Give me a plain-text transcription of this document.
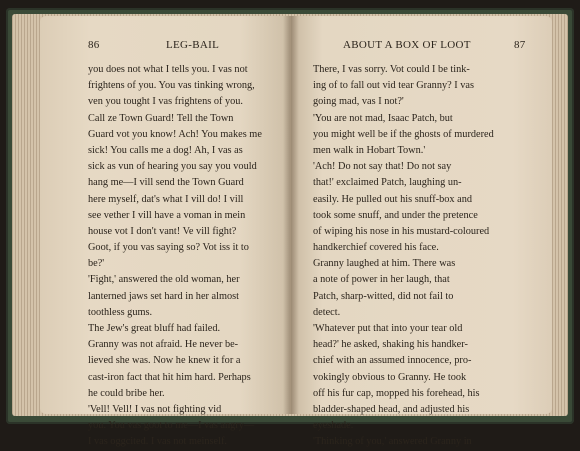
86	LEG-BAIL	ABOUT A BOX OF LOOT	87
you does not what I tells you. I vas not
frightens of you. You vas tinking wrong,
ven you tought I vas frightens of you.
Call ze Town Guard! Tell the Town
Guard vot you know! Ach! You makes me
sick! You calls me a dog! Ah, I vas as
sick as vun of hearing you say you vould
hang me—I vill send the Town Guard
here myself, dat's what I vill do! I vill
see vether I vill have a voman in mein
house vot I don't vant! Ve vill fight?
Goot, if you vas saying so? Vot iss it to
be?'
'Fight,' answered the old woman, her
lanterned jaws set hard in her almost
toothless gums.
The Jew's great bluff had failed.
Granny was not afraid. He never be-
lieved she was. Now he knew it for a
cast-iron fact that hit him hard. Perhaps
he could bribe her.
'Vell! Vell! I vas not fighting vid
you. You vas goot to me—I vas angry—
I vas oggcited. I vas not meinself.
There, I vas sorry. Vot could I be tink-
ing of to fall out vid tear Granny? I vas
going mad, vas I not?'
'You are not mad, Isaac Patch, but
you might well be if the ghosts of murdered
men walk in Hobart Town.'
'Ach! Do not say that! Do not say
that!' exclaimed Patch, laughing un-
easily. He pulled out his snuff-box and
took some snuff, and under the pretence
of wiping his nose in his mustard-coloured
handkerchief covered his face.
Granny laughed at him. There was
a note of power in her laugh, that
Patch, sharp-witted, did not fail to
detect.
'Whatever put that into your tear old
head?' he asked, shaking his handker-
chief with an assumed innocence, pro-
vokingly obvious to Granny. He took
off his fur cap, mopped his forehead, his
bladder-shaped head, and adjusted his
eyeshade.
'Thinking of you,' answered Granny in
